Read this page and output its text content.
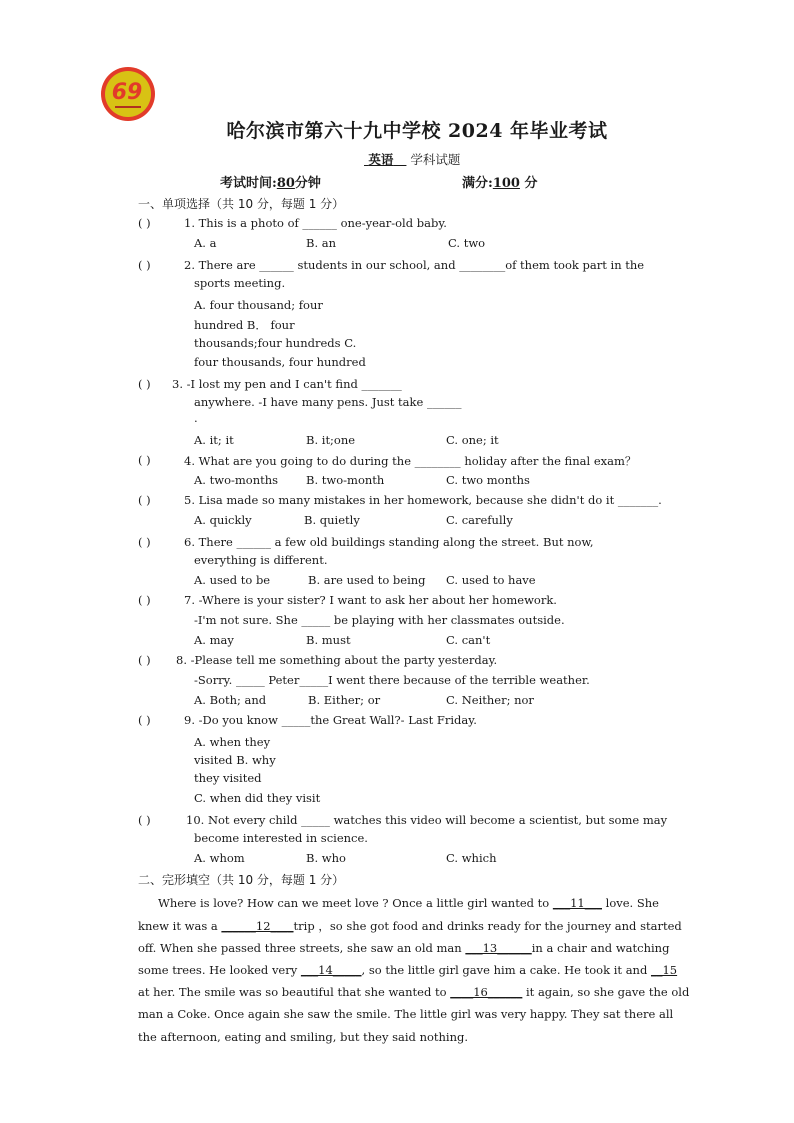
69
哈尔滨市第六十九中学校 2024 年毕业考试
英语 学科试题
考试时间:80分钟	满分:100 分
一、单项选择（共 10 分，每题 1 分）
( )	1. This is a photo of ______ one-year-old baby.
A. a	B. an	C. two
( )	2. There are ______ students in our school, and ________of them took part in the
sports meeting.
A. four thousand; four
hundred B． four
thousands;four hundreds C.
four thousands, four hundred
( ) 3. -I lost my pen and I can't find _______
anywhere. -I have many pens. Just take ______
.
A. it; it	B. it;one	C. one; it
( )	4. What are you going to do during the ________ holiday after the final exam？
A. two-months B. two-month	C. two months
( )	5. Lisa made so many mistakes in her homework, because she didn't do it _______.
A. quickly	B. quietly	C. carefully
( )	6. There ______ a few old buildings standing along the street. But now,
everything is different.
A. used to be	B. are used to being C. used to have
( )	7. -Where is your sister? I want to ask her about her homework.
-I'm not sure. She _____ be playing with her classmates outside.
A. may	B. must	C. can't
( ) 8. -Please tell me something about the party yesterday.
-Sorry. _____ Peter_____I went there because of the terrible weather.
A. Both; and	B. Either; or	C. Neither; nor
( )	9. -Do you know _____the Great Wall?- Last Friday.
A. when they
visited B. why
they visited
C. when did they visit
( )	10. Not every child _____ watches this video will become a scientist, but some may
become interested in science.
A. whom	B. who	C. which
二、完形填空（共 10 分，每题 1 分）
Where is love? How can we meet love ? Once a little girl wanted to ___11___ love. She
knew it was a ______12____trip ，so she got food and drinks ready for the journey and started
off. When she passed three streets, she saw an old man ___13______in a chair and watching
some trees. He looked very ___14_____, so the little girl gave him a cake. He took it and __15
at her. The smile was so beautiful that she wanted to ____16______ it again, so she gave the old
man a Coke. Once again she saw the smile. The little girl was very happy. They sat there all
the afternoon, eating and smiling, but they said nothing.
